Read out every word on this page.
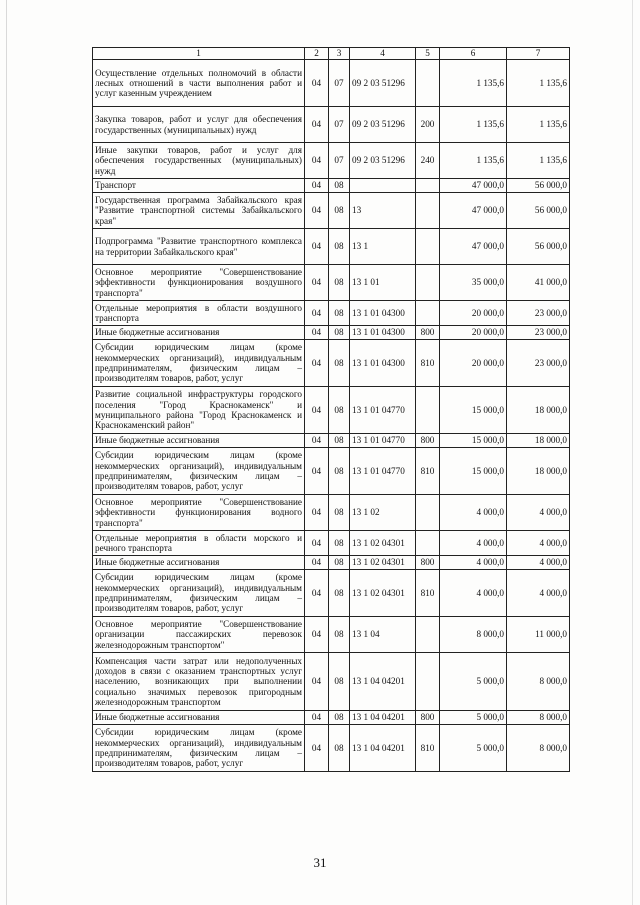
1	2	3	4	5	6	7
Осуществление отдельных полномочий в области лесных отношений в части выполнения работ и услуг казенным учреждением	04	07	09 2 03 51296		1 135,6	1 135,6
Закупка товаров, работ и услуг для обеспечения государственных (муниципальных) нужд	04	07	09 2 03 51296	200	1 135,6	1 135,6
Иные закупки товаров, работ и услуг для обеспечения государственных (муниципальных) нужд	04	07	09 2 03 51296	240	1 135,6	1 135,6
Транспорт	04	08			47 000,0	56 000,0
Государственная программа Забайкальского края "Развитие транспортной системы Забайкальского края"	04	08	13		47 000,0	56 000,0
Подпрограмма "Развитие транспортного комплекса на территории Забайкальского края"	04	08	13 1		47 000,0	56 000,0
Основное мероприятие "Совершенствование эффективности функционирования воздушного транспорта"	04	08	13 1 01		35 000,0	41 000,0
Отдельные мероприятия в области воздушного транспорта	04	08	13 1 01 04300		20 000,0	23 000,0
Иные бюджетные ассигнования	04	08	13 1 01 04300	800	20 000,0	23 000,0
Субсидии юридическим лицам (кроме некоммерческих организаций), индивидуальным предпринимателям, физическим лицам – производителям товаров, работ, услуг	04	08	13 1 01 04300	810	20 000,0	23 000,0
Развитие социальной инфраструктуры городского поселения "Город Краснокаменск" и муниципального района "Город Краснокаменск и Краснокаменский район"	04	08	13 1 01 04770		15 000,0	18 000,0
Иные бюджетные ассигнования	04	08	13 1 01 04770	800	15 000,0	18 000,0
Субсидии юридическим лицам (кроме некоммерческих организаций), индивидуальным предпринимателям, физическим лицам – производителям товаров, работ, услуг	04	08	13 1 01 04770	810	15 000,0	18 000,0
Основное мероприятие "Совершенствование эффективности функционирования водного транспорта"	04	08	13 1 02		4 000,0	4 000,0
Отдельные мероприятия в области морского и речного транспорта	04	08	13 1 02 04301		4 000,0	4 000,0
Иные бюджетные ассигнования	04	08	13 1 02 04301	800	4 000,0	4 000,0
Субсидии юридическим лицам (кроме некоммерческих организаций), индивидуальным предпринимателям, физическим лицам – производителям товаров, работ, услуг	04	08	13 1 02 04301	810	4 000,0	4 000,0
Основное мероприятие "Совершенствование организации пассажирских перевозок железнодорожным транспортом"	04	08	13 1 04		8 000,0	11 000,0
Компенсация части затрат или недополученных доходов в связи с оказанием транспортных услуг населению, возникающих при выполнении социально значимых перевозок пригородным железнодорожным транспортом	04	08	13 1 04 04201		5 000,0	8 000,0
Иные бюджетные ассигнования	04	08	13 1 04 04201	800	5 000,0	8 000,0
Субсидии юридическим лицам (кроме некоммерческих организаций), индивидуальным предпринимателям, физическим лицам – производителям товаров, работ, услуг	04	08	13 1 04 04201	810	5 000,0	8 000,0
31
